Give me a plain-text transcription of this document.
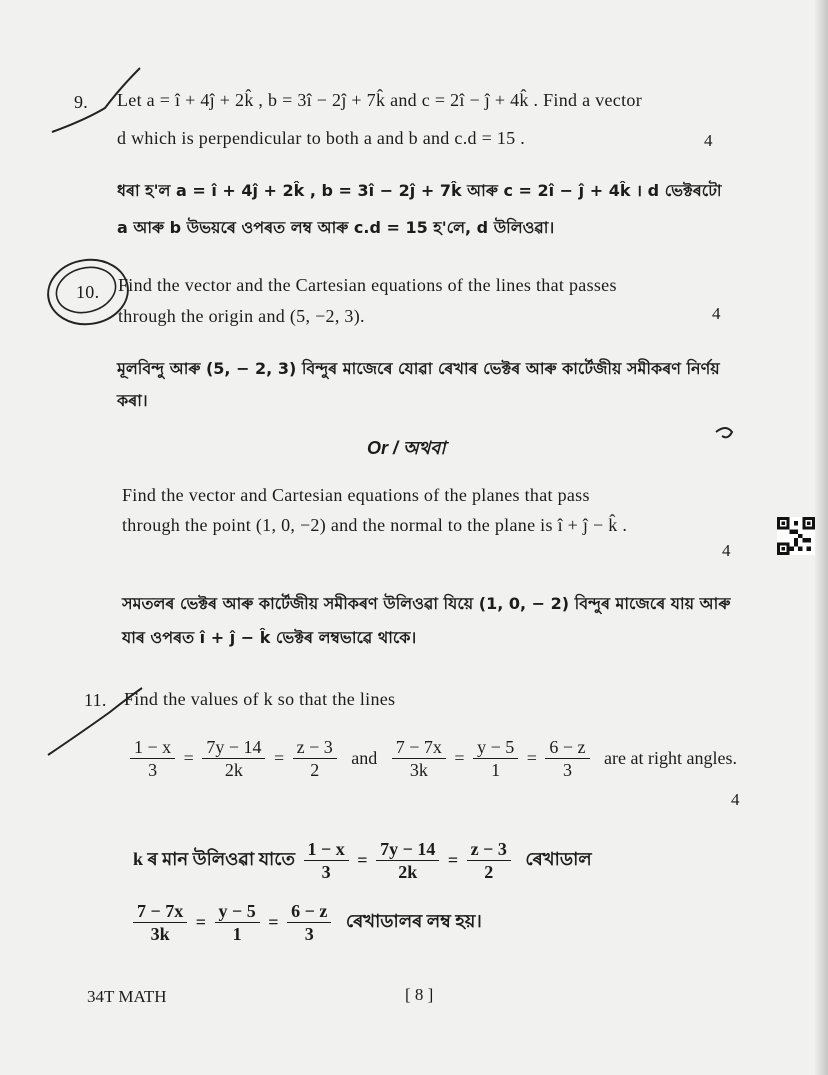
9. Let a = î + 4ĵ + 2k̂ , b = 3î − 2ĵ + 7k̂ and c = 2î − ĵ + 4k̂ . Find a vector
d which is perpendicular to both a and b and c.d = 15 .	4
ধৰা হ'ল a = î + 4ĵ + 2k̂ , b = 3î − 2ĵ + 7k̂ আৰু c = 2î − ĵ + 4k̂ । d ভেক্টৰটো
a আৰু b উভয়ৰে ওপৰত লম্ব আৰু c.d = 15 হ'লে, d উলিওৱা।
10. Find the vector and the Cartesian equations of the lines that passes
through the origin and (5, −2, 3).	4
মূলবিন্দু আৰু (5, − 2, 3) বিন্দুৰ মাজেৰে যোৱা ৰেখাৰ ভেক্টৰ আৰু কাৰ্টেজীয় সমীকৰণ নিৰ্ণয়
কৰা।
Or / অথবা
Find the vector and Cartesian equations of the planes that pass
through the point (1, 0, −2) and the normal to the plane is î + ĵ − k̂ .
4
সমতলৰ ভেক্টৰ আৰু কাৰ্টেজীয় সমীকৰণ উলিওৱা যিয়ে (1, 0, − 2) বিন্দুৰ মাজেৰে যায় আৰু
যাৰ ওপৰত î + ĵ − k̂ ভেক্টৰ লম্বভাৱে থাকে।
11. Find the values of k so that the lines
$\frac{1 - x}{3} = \frac{7y - 14}{2k} = \frac{z - 3}{2}$ and $\frac{7 - 7x}{3k} = \frac{y - 5}{1} = \frac{6 - z}{3}$ are at right angles.
4
k ৰ মান উলিওৱা যাতে $\frac{1 - x}{3} = \frac{7y - 14}{2k} = \frac{z - 3}{2}$ ৰেখাডাল
$\frac{7 - 7x}{3k} = \frac{y - 5}{1} = \frac{6 - z}{3}$ ৰেখাডালৰ লম্ব হয়।
34T MATH	[ 8 ]
